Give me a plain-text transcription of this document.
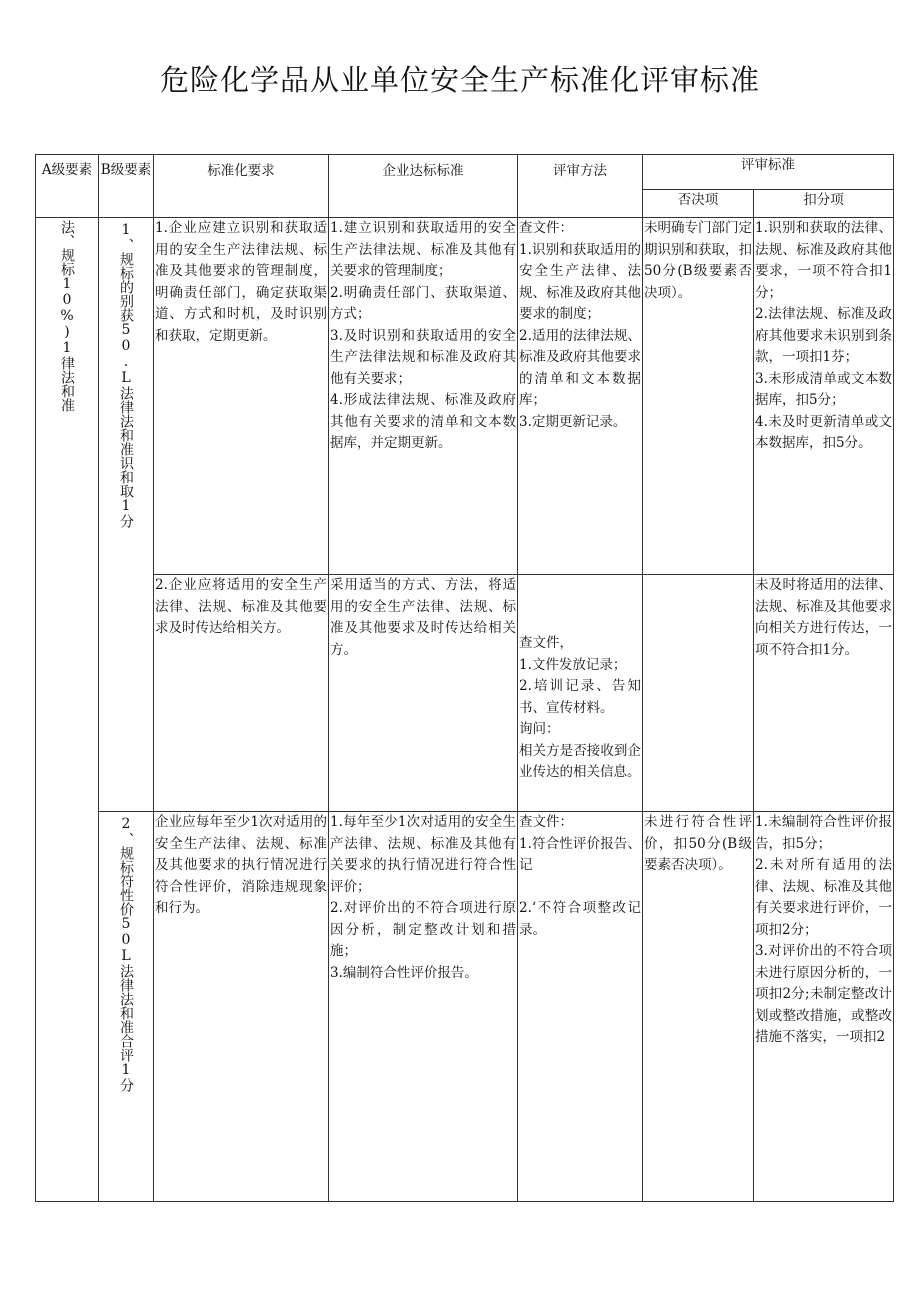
危险化学品从业单位安全生产标准化评审标准
A级要素	B级要素	标准化要求	企业达标标准	评审方法	评审标准	
					否决项	扣分项

法、规标10%)1律法和准	1、规标的别获50.L法律法和准识和取1分	1.企业应建立识别和获取适用的安全生产法律法规、标准及其他要求的管理制度，明确责任部门，确定获取渠道、方式和时机，及时识别和获取，定期更新。	1.建立识别和获取适用的安全生产法律法规、标准及其他有关要求的管理制度；
2.明确责任部门、获取渠道、方式；
3.及时识别和获取适用的安全生产法律法规和标准及政府其他有关要求；
4.形成法律法规、标准及政府其他有关要求的清单和文本数据库，并定期更新。	查文件：
1.识别和获取适用的安全生产法律、法规、标准及政府其他要求的制度；
2.适用的法律法规、标准及政府其他要求的清单和文本数据库；
3.定期更新记录。	未明确专门部门定期识别和获取，扣50分(B级要素否决项）。	1.识别和获取的法律、法规、标准及政府其他要求，一项不符合扣1分；
2.法律法规、标准及政府其他要求未识别到条款，一项扣1芬；
3.未形成清单或文本数据库，扣5分；
4.未及时更新清单或文本数据库，扣5分。
		2.企业应将适用的安全生产法律、法规、标准及其他要求及时传达给相关方。	采用适当的方式、方法，将适用的安全生产法律、法规、标准及其他要求及时传达给相关方。	查文件，
1.文件发放记录；
2.培训记录、告知书、宣传材料。
询问：
相关方是否接收到企业传达的相关信息。		未及时将适用的法律、法规、标准及其他要求向相关方进行传达，一项不符合扣1分。

	2、规标符性价50L法律法和准合评1分	企业应每年至少1次对适用的安全生产法律、法规、标准及其他要求的执行情况进行符合性评价，消除违规现象和行为。	1.每年至少1次对适用的安全生产法律、法规、标准及其他有关要求的执行情况进行符合性评价；
2.对评价出的不符合项进行原因分析，制定整改计划和措施；
3.编制符合性评价报告。	查文件：
1.符合性评价报告、记

2.‘不符合项整改记录。	未进行符合性评价，扣50分(B级要素否决项）。	1.未编制符合性评价报告，扣5分；
2.未对所有适用的法律、法规、标准及其他有关要求进行评价，一项扣2分；
3.对评价出的不符合项未进行原因分析的，一项扣2分;未制定整改计划或整改措施，或整改措施不落实，一项扣2
